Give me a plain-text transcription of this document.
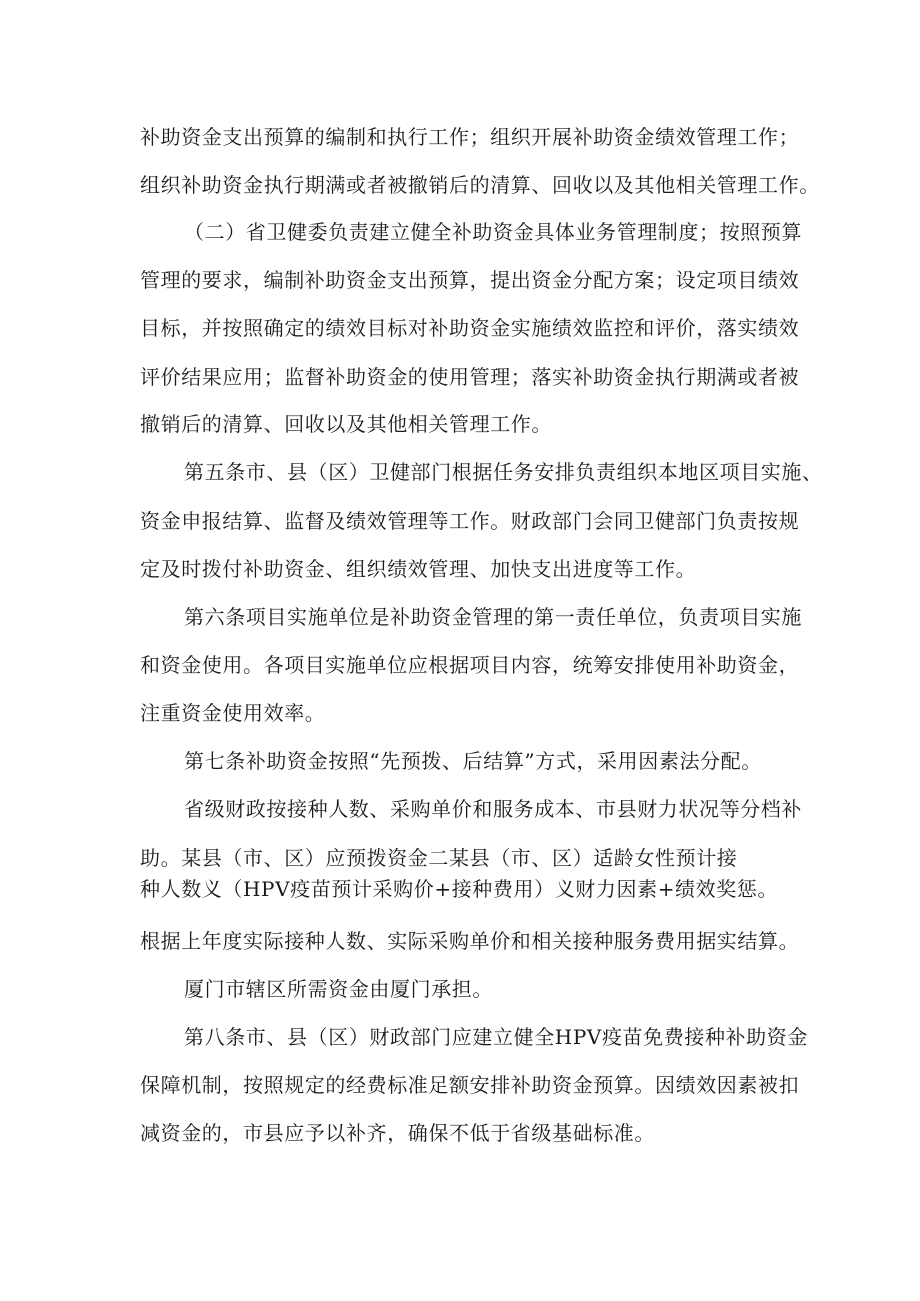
补助资金支出预算的编制和执行工作；组织开展补助资金绩效管理工作；
组织补助资金执行期满或者被撤销后的清算、回收以及其他相关管理工作。
（二）省卫健委负责建立健全补助资金具体业务管理制度；按照预算
管理的要求，编制补助资金支出预算，提出资金分配方案；设定项目绩效
目标，并按照确定的绩效目标对补助资金实施绩效监控和评价，落实绩效
评价结果应用；监督补助资金的使用管理；落实补助资金执行期满或者被
撤销后的清算、回收以及其他相关管理工作。
第五条市、县（区）卫健部门根据任务安排负责组织本地区项目实施、
资金申报结算、监督及绩效管理等工作。财政部门会同卫健部门负责按规
定及时拨付补助资金、组织绩效管理、加快支出进度等工作。
第六条项目实施单位是补助资金管理的第一责任单位，负责项目实施
和资金使用。各项目实施单位应根据项目内容，统筹安排使用补助资金，
注重资金使用效率。
第七条补助资金按照“先预拨、后结算”方式，采用因素法分配。
省级财政按接种人数、采购单价和服务成本、市县财力状况等分档补
助。某县（市、区）应预拨资金二某县（市、区）适龄女性预计接
种人数义（HPV疫苗预计采购价+接种费用）义财力因素+绩效奖惩。
根据上年度实际接种人数、实际采购单价和相关接种服务费用据实结算。
厦门市辖区所需资金由厦门承担。
第八条市、县（区）财政部门应建立健全HPV疫苗免费接种补助资金
保障机制，按照规定的经费标准足额安排补助资金预算。因绩效因素被扣
减资金的，市县应予以补齐，确保不低于省级基础标准。
